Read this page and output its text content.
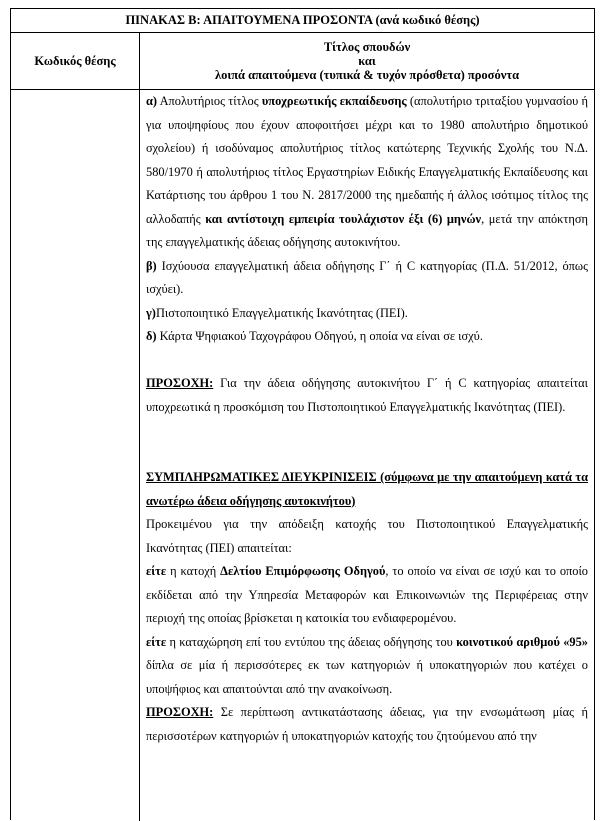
ΠΙΝΑΚΑΣ Β: ΑΠΑΙΤΟΥΜΕΝΑ ΠΡΟΣΟΝΤΑ (ανά κωδικό θέσης)
Κωδικός θέσης
Τίτλος σπουδών
και
λοιπά απαιτούμενα (τυπικά & τυχόν πρόσθετα) προσόντα

α) Απολυτήριος τίτλος υποχρεωτικής εκπαίδευσης (απολυτήριο τριταξίου γυμνασίου ή για υποψηφίους που έχουν αποφοιτήσει μέχρι και το 1980 απολυτήριο δημοτικού σχολείου) ή ισοδύναμος απολυτήριος τίτλος κατώτερης Τεχνικής Σχολής του Ν.Δ. 580/1970 ή απολυτήριος τίτλος Εργαστηρίων Ειδικής Επαγγελματικής Εκπαίδευσης και Κατάρτισης του άρθρου 1 του Ν. 2817/2000 της ημεδαπής ή άλλος ισότιμος τίτλος της αλλοδαπής και αντίστοιχη εμπειρία τουλάχιστον έξι (6) μηνών, μετά την απόκτηση της επαγγελματικής άδειας οδήγησης αυτοκινήτου.

β) Ισχύουσα επαγγελματική άδεια οδήγησης Γ΄ ή C κατηγορίας (Π.Δ. 51/2012, όπως ισχύει).

γ)Πιστοποιητικό Επαγγελματικής Ικανότητας (ΠΕΙ).

δ) Κάρτα Ψηφιακού Ταχογράφου Οδηγού, η οποία να είναι σε ισχύ.

ΠΡΟΣΟΧΗ: Για την άδεια οδήγησης αυτοκινήτου Γ΄ ή C κατηγορίας απαιτείται υποχρεωτικά η προσκόμιση του Πιστοποιητικού Επαγγελματικής Ικανότητας (ΠΕΙ).

ΣΥΜΠΛΗΡΩΜΑΤΙΚΕΣ ΔΙΕΥΚΡΙΝΙΣΕΙΣ (σύμφωνα με την απαιτούμενη κατά τα ανωτέρω άδεια οδήγησης αυτοκινήτου)

Προκειμένου για την απόδειξη κατοχής του Πιστοποιητικού Επαγγελματικής Ικανότητας (ΠΕΙ) απαιτείται:

είτε η κατοχή Δελτίου Επιμόρφωσης Οδηγού, το οποίο να είναι σε ισχύ και το οποίο εκδίδεται από την Υπηρεσία Μεταφορών και Επικοινωνιών της Περιφέρειας στην περιοχή της οποίας βρίσκεται η κατοικία του ενδιαφερομένου.

είτε η καταχώρηση επί του εντύπου της άδειας οδήγησης του κοινοτικού αριθμού «95» δίπλα σε μία ή περισσότερες εκ των κατηγοριών ή υποκατηγοριών που κατέχει ο υποψήφιος και απαιτούνται από την ανακοίνωση.

ΠΡΟΣΟΧΗ: Σε περίπτωση αντικατάστασης άδειας, για την ενσωμάτωση μίας ή περισσοτέρων κατηγοριών ή υποκατηγοριών κατοχής του ζητούμενου από την
